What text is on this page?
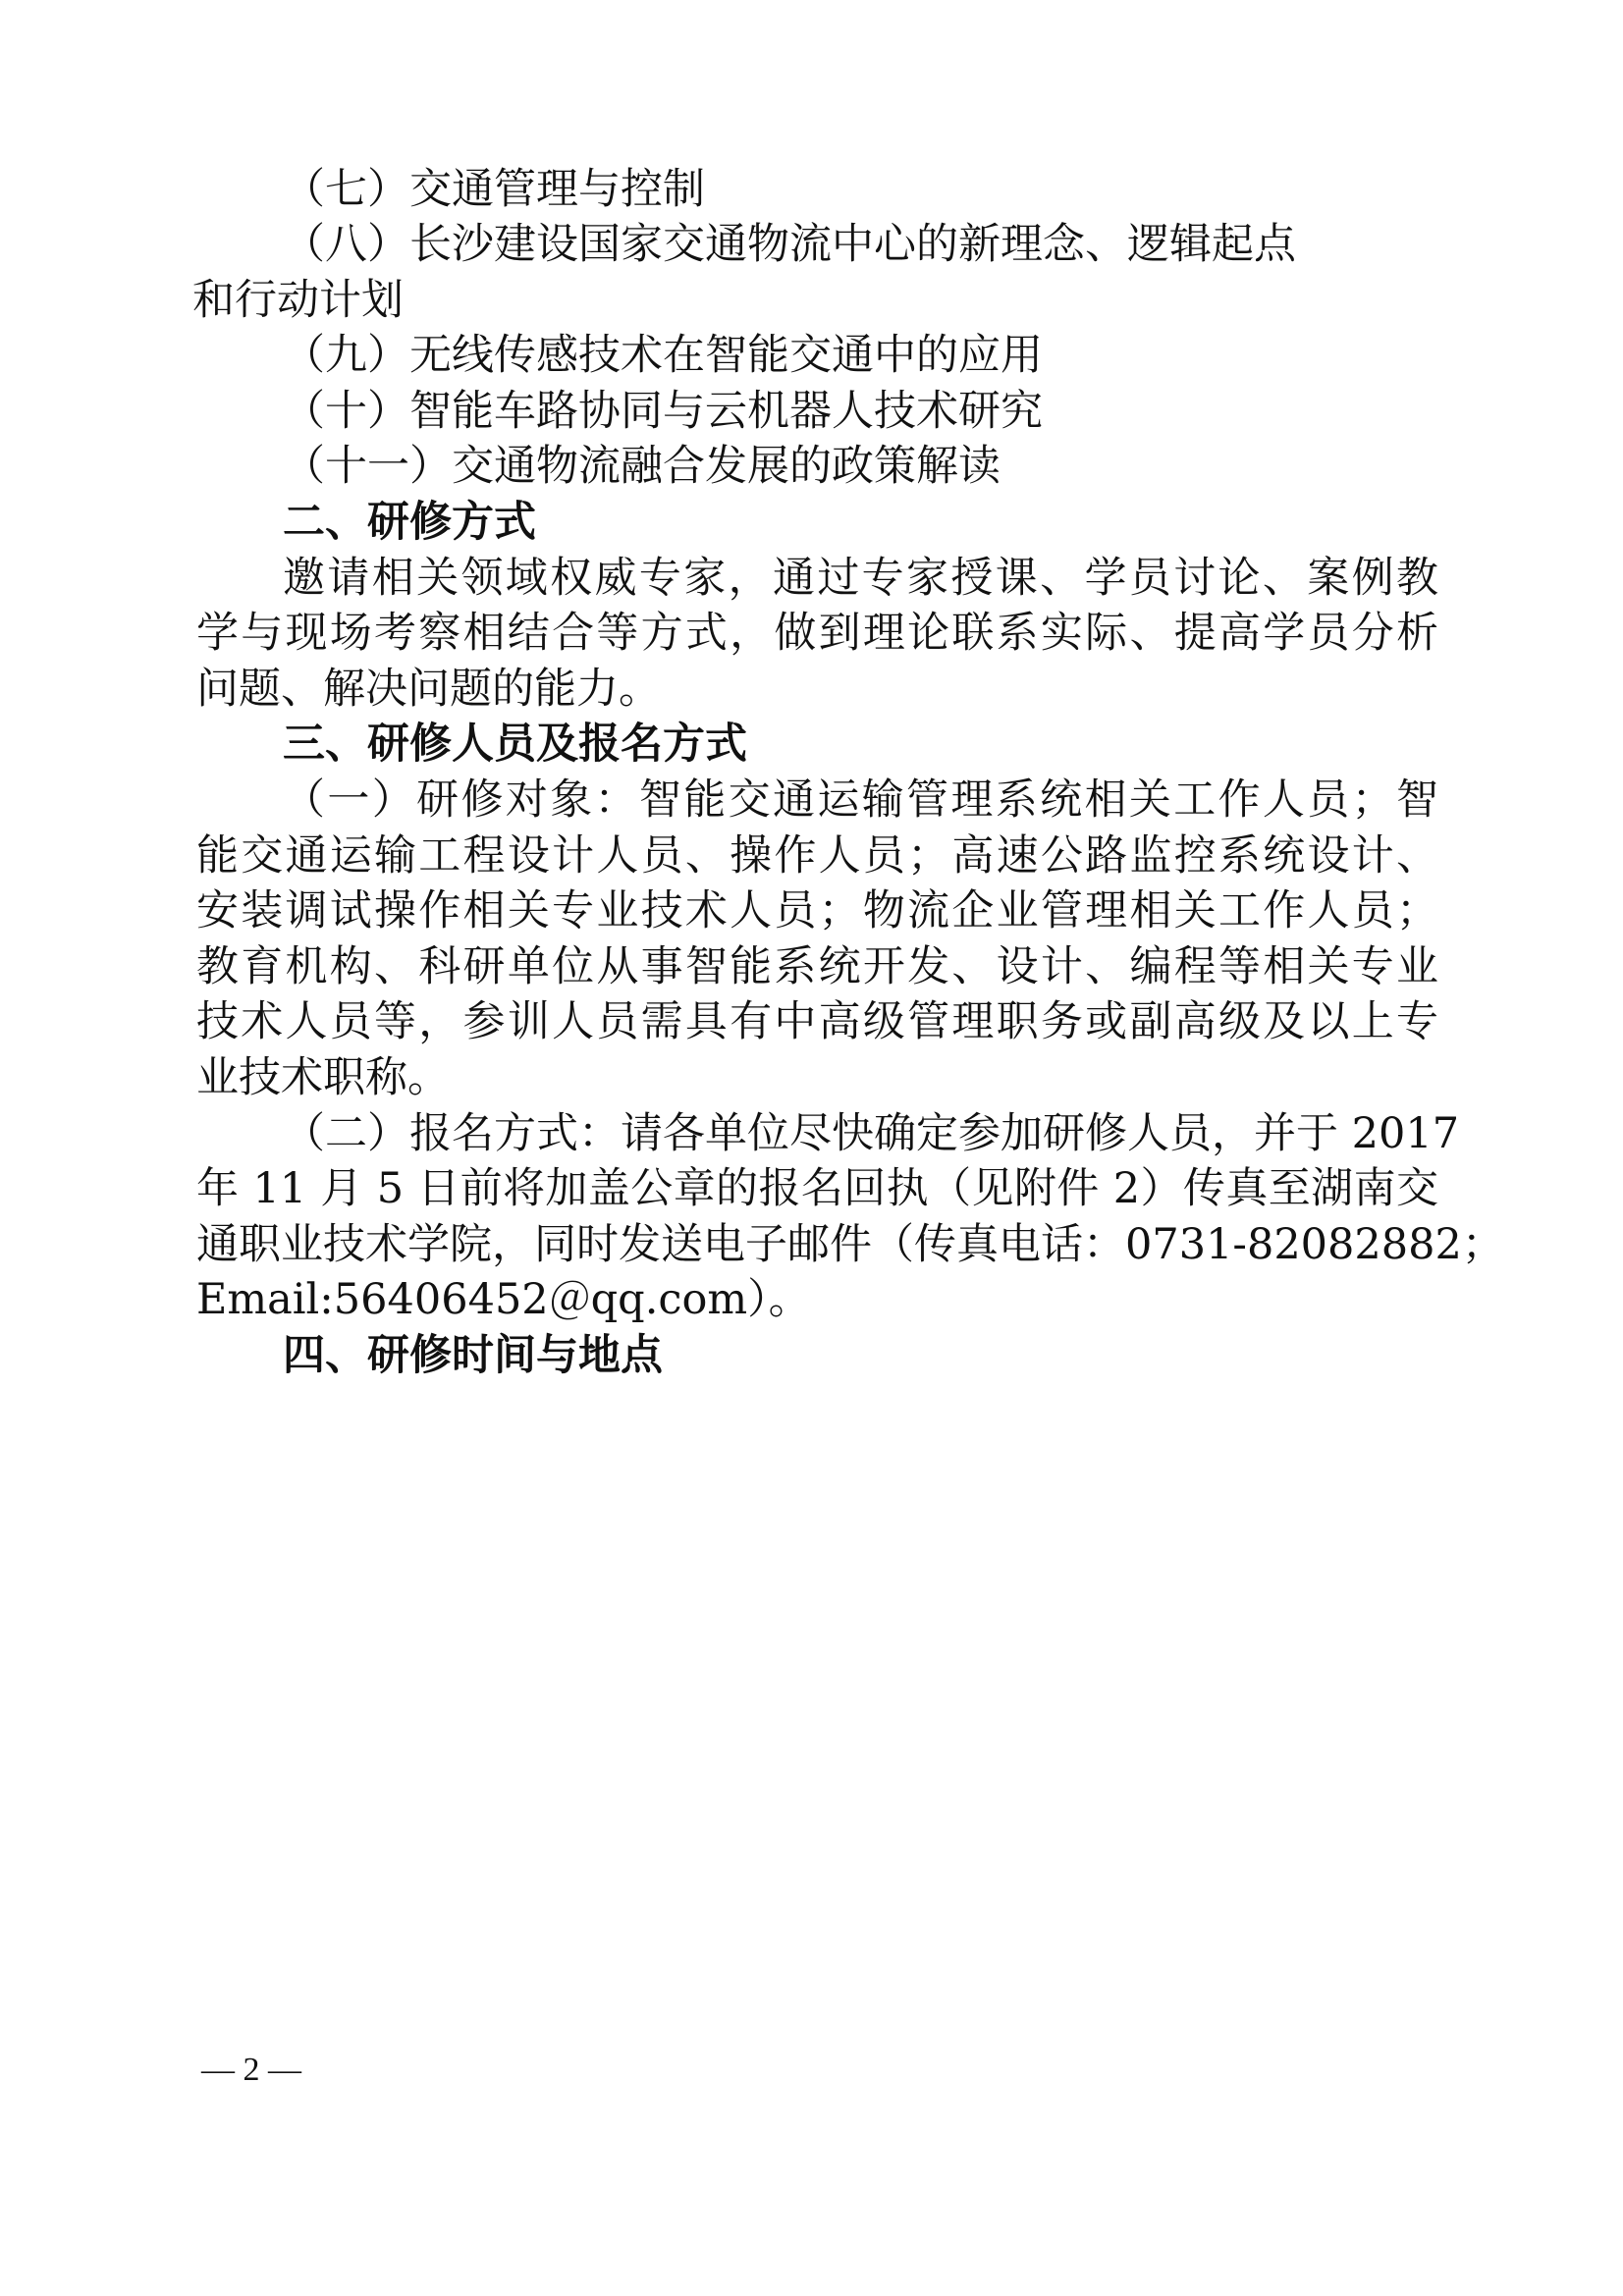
（七）交通管理与控制
（八）长沙建设国家交通物流中心的新理念、逻辑起点
和行动计划
（九）无线传感技术在智能交通中的应用
（十）智能车路协同与云机器人技术研究
（十一）交通物流融合发展的政策解读
二、研修方式
邀请相关领域权威专家，通过专家授课、学员讨论、案例教
学与现场考察相结合等方式，做到理论联系实际、提高学员分析
问题、解决问题的能力。
三、研修人员及报名方式
（一）研修对象：智能交通运输管理系统相关工作人员；智
能交通运输工程设计人员、操作人员；高速公路监控系统设计、
安装调试操作相关专业技术人员；物流企业管理相关工作人员；
教育机构、科研单位从事智能系统开发、设计、编程等相关专业
技术人员等，参训人员需具有中高级管理职务或副高级及以上专
业技术职称。
（二）报名方式：请各单位尽快确定参加研修人员，并于 2017
年 11 月 5 日前将加盖公章的报名回执（见附件 2）传真至湖南交
通职业技术学院，同时发送电子邮件（传真电话：0731-82082882；
Email:56406452＠qq.com）。
四、研修时间与地点
— 2 —
